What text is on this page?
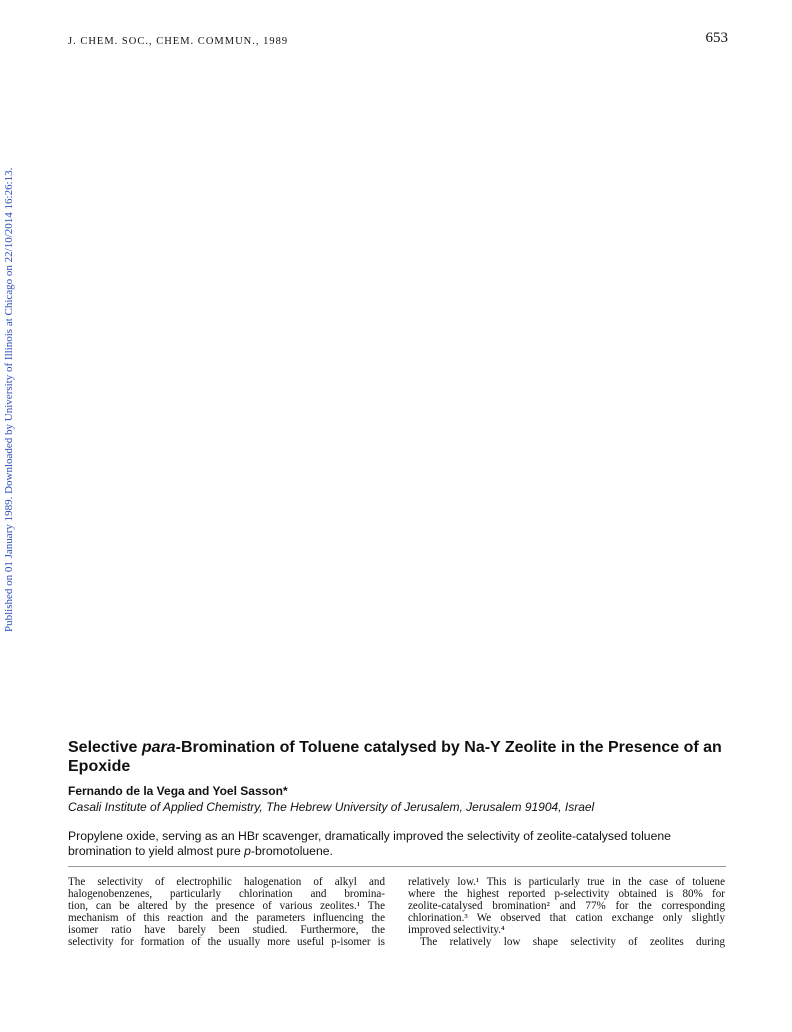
J. CHEM. SOC., CHEM. COMMUN., 1989	653
Published on 01 January 1989. Downloaded by University of Illinois at Chicago on 22/10/2014 16:26:13.
Selective para-Bromination of Toluene catalysed by Na-Y Zeolite in the Presence of an Epoxide
Fernando de la Vega and Yoel Sasson*
Casali Institute of Applied Chemistry, The Hebrew University of Jerusalem, Jerusalem 91904, Israel
Propylene oxide, serving as an HBr scavenger, dramatically improved the selectivity of zeolite-catalysed toluene bromination to yield almost pure p-bromotoluene.
The selectivity of electrophilic halogenation of alkyl and
halogenobenzenes, particularly chlorination and bromina-
tion, can be altered by the presence of various zeolites.¹ The
mechanism of this reaction and the parameters influencing the
isomer ratio have barely been studied. Furthermore, the
selectivity for formation of the usually more useful p-isomer is
relatively low.¹ This is particularly true in the case of toluene
where the highest reported p-selectivity obtained is 80% for
zeolite-catalysed bromination² and 77% for the corresponding
chlorination.³ We observed that cation exchange only slightly
improved selectivity.⁴
The relatively low shape selectivity of zeolites during
